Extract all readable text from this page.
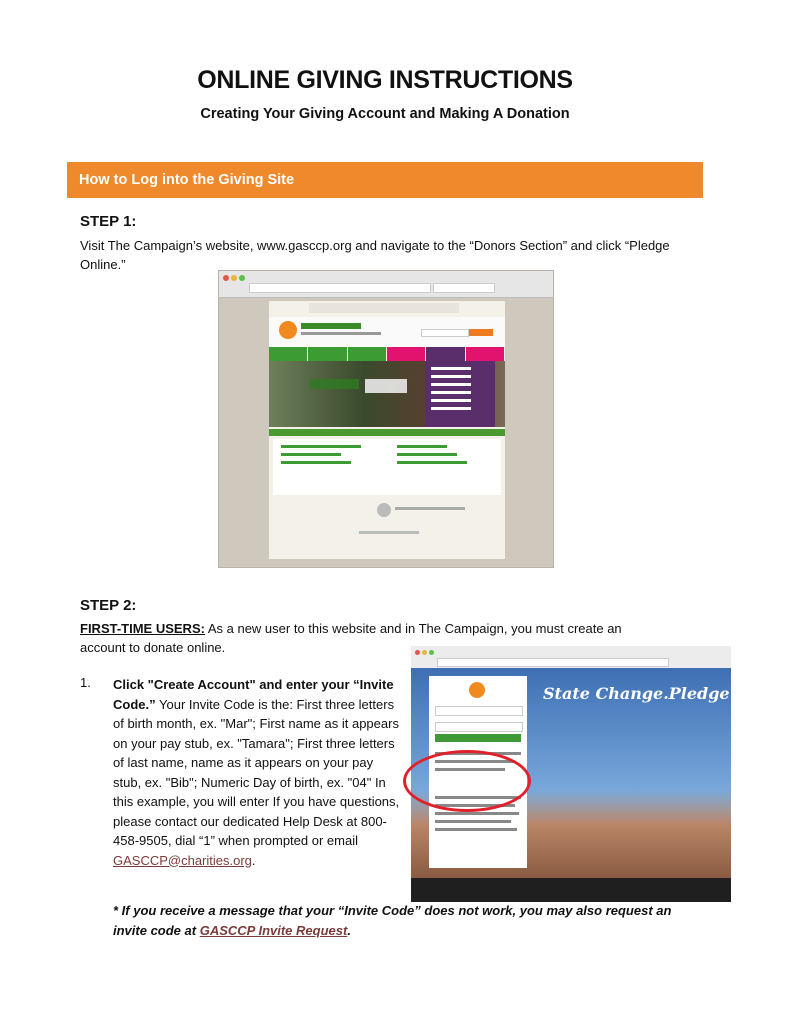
ONLINE GIVING INSTRUCTIONS
Creating Your Giving Account and Making A Donation
How to Log into the Giving Site
STEP 1:
Visit The Campaign’s website, www.gasccp.org and navigate to the “Donors Section” and click “Pledge Online.”
STEP 2:
FIRST-TIME USERS: As a new user to this website and in The Campaign, you must create an account to donate online.
State Change.Pledge Today!
1. Click "Create Account" and enter your “Invite Code.” Your Invite Code is the: First three letters of birth month, ex. "Mar"; First name as it appears on your pay stub, ex. "Tamara"; First three letters of last name, name as it appears on your pay stub, ex. "Bib"; Numeric Day of birth, ex. "04" In this example, you will enter If you have questions, please contact our dedicated Help Desk at 800-458-9505, dial “1” when prompted or email GASCCP@charities.org.
* If you receive a message that your “Invite Code” does not work, you may also request an invite code at GASCCP Invite Request.
